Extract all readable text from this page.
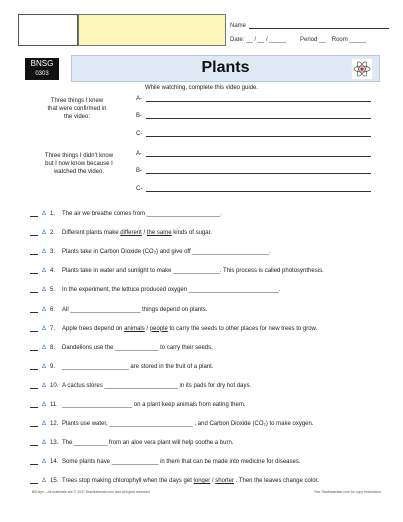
Name
Date: __ / __ / _____ Period __ Room _____
BNSG
0303	Plants
While watching, complete this video guide.
Three things I knew
that were confirmed in
the video:
A-
B-
C-
Three things I didn't know
but I now know because I
watched the video.
A-
B-
C-
Δ 1.	The air we breathe comes from ______________________.
Δ 2.	Different plants make different / the same kinds of sugar.
Δ 3.	Plants take in Carbon Dioxide (CO₂) and give off _______________________.
Δ 4.	Plants take in water and sunlight to make ______________. This process is called photosynthesis.
Δ 5.	In the experiment, the lettuce produced oxygen ___________________________.
Δ 6.	All _____________________ things depend on plants.
Δ 7.	Apple trees depend on animals / people to carry the seeds to other places for new trees to grow.
Δ 8.	Dandelions use the _____________ to carry their seeds.
Δ 9.	____________________ are stored in the fruit of a plant.
Δ 10. A cactus stores ______________________ in its pads for dry hot days.
Δ 11. _____________________ on a plant keep animals from eating them.
Δ 12. Plants use water, _________________________ , and Carbon Dioxide (CO₂) to make oxygen.
Δ 13. The __________ from an aloe vera plant will help soothe a burn.
Δ 14. Some plants have ______________ in them that can be made into medicine for diseases.
Δ 15. Trees stop making chlorophyll when the days get longer / shorter . Then the leaves change color.
Bill Nye – All materials are © 2017 StarMaterials.com and all rights reserved	See StarMaterials.com for copy restrictions
